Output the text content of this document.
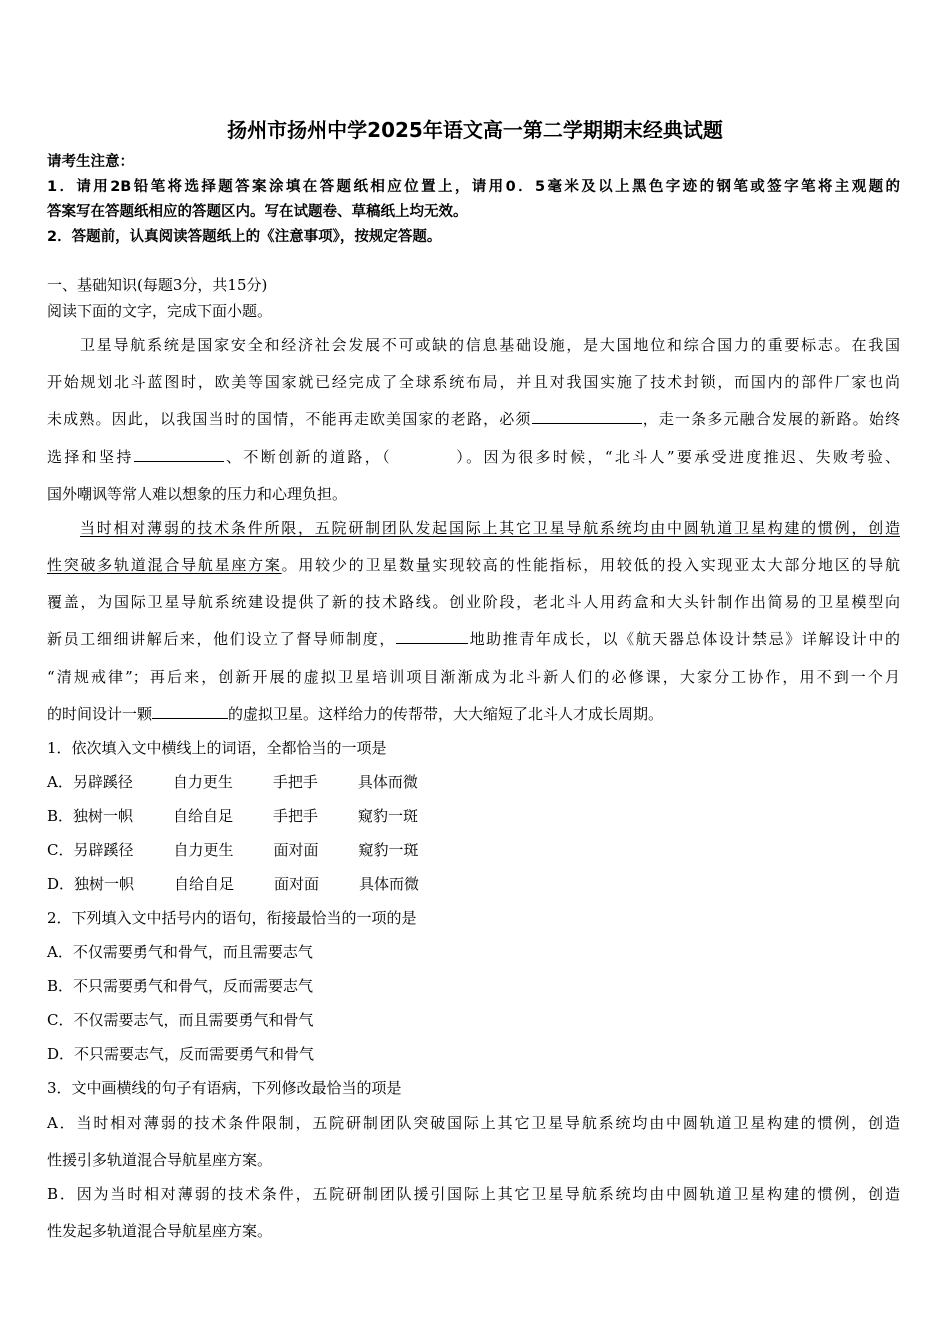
扬州市扬州中学2025年语文高一第二学期期末经典试题
请考生注意：
1．请用2B铅笔将选择题答案涂填在答题纸相应位置上，请用0．5毫米及以上黑色字迹的钢笔或签字笔将主观题的
答案写在答题纸相应的答题区内。写在试题卷、草稿纸上均无效。
2．答题前，认真阅读答题纸上的《注意事项》，按规定答题。
一、基础知识(每题3分，共15分)
阅读下面的文字，完成下面小题。
卫星导航系统是国家安全和经济社会发展不可或缺的信息基础设施，是大国地位和综合国力的重要标志。在我国
开始规划北斗蓝图时，欧美等国家就已经完成了全球系统布局，并且对我国实施了技术封锁，而国内的部件厂家也尚
未成熟。因此，以我国当时的国情，不能再走欧美国家的老路，必须	，走一条多元融合发展的新路。始终
选择和坚持	、不断创新的道路，（	）。因为很多时候，“北斗人”要承受进度推迟、失败考验、
国外嘲讽等常人难以想象的压力和心理负担。
当时相对薄弱的技术条件所限，五院研制团队发起国际上其它卫星导航系统均由中圆轨道卫星构建的惯例，创造
性突破多轨道混合导航星座方案。用较少的卫星数量实现较高的性能指标，用较低的投入实现亚太大部分地区的导航
覆盖，为国际卫星导航系统建设提供了新的技术路线。创业阶段，老北斗人用药盒和大头针制作出简易的卫星模型向
新员工细细讲解后来，他们设立了督导师制度，	地助推青年成长，以《航天器总体设计禁忌》详解设计中的
“清规戒律”；再后来，创新开展的虚拟卫星培训项目渐渐成为北斗新人们的必修课，大家分工协作，用不到一个月
的时间设计一颗	的虚拟卫星。这样给力的传帮带，大大缩短了北斗人才成长周期。
1．依次填入文中横线上的词语，全都恰当的一项是
A．另辟蹊径	自力更生	手把手	具体而微
B．独树一帜	自给自足	手把手	窥豹一斑
C．另辟蹊径	自力更生	面对面	窥豹一斑
D．独树一帜	自给自足	面对面	具体而微
2．下列填入文中括号内的语句，衔接最恰当的一项的是
A．不仅需要勇气和骨气，而且需要志气
B．不只需要勇气和骨气，反而需要志气
C．不仅需要志气，而且需要勇气和骨气
D．不只需要志气，反而需要勇气和骨气
3．文中画横线的句子有语病，下列修改最恰当的项是
A．当时相对薄弱的技术条件限制，五院研制团队突破国际上其它卫星导航系统均由中圆轨道卫星构建的惯例，创造
性援引多轨道混合导航星座方案。
B．因为当时相对薄弱的技术条件，五院研制团队援引国际上其它卫星导航系统均由中圆轨道卫星构建的惯例，创造
性发起多轨道混合导航星座方案。
